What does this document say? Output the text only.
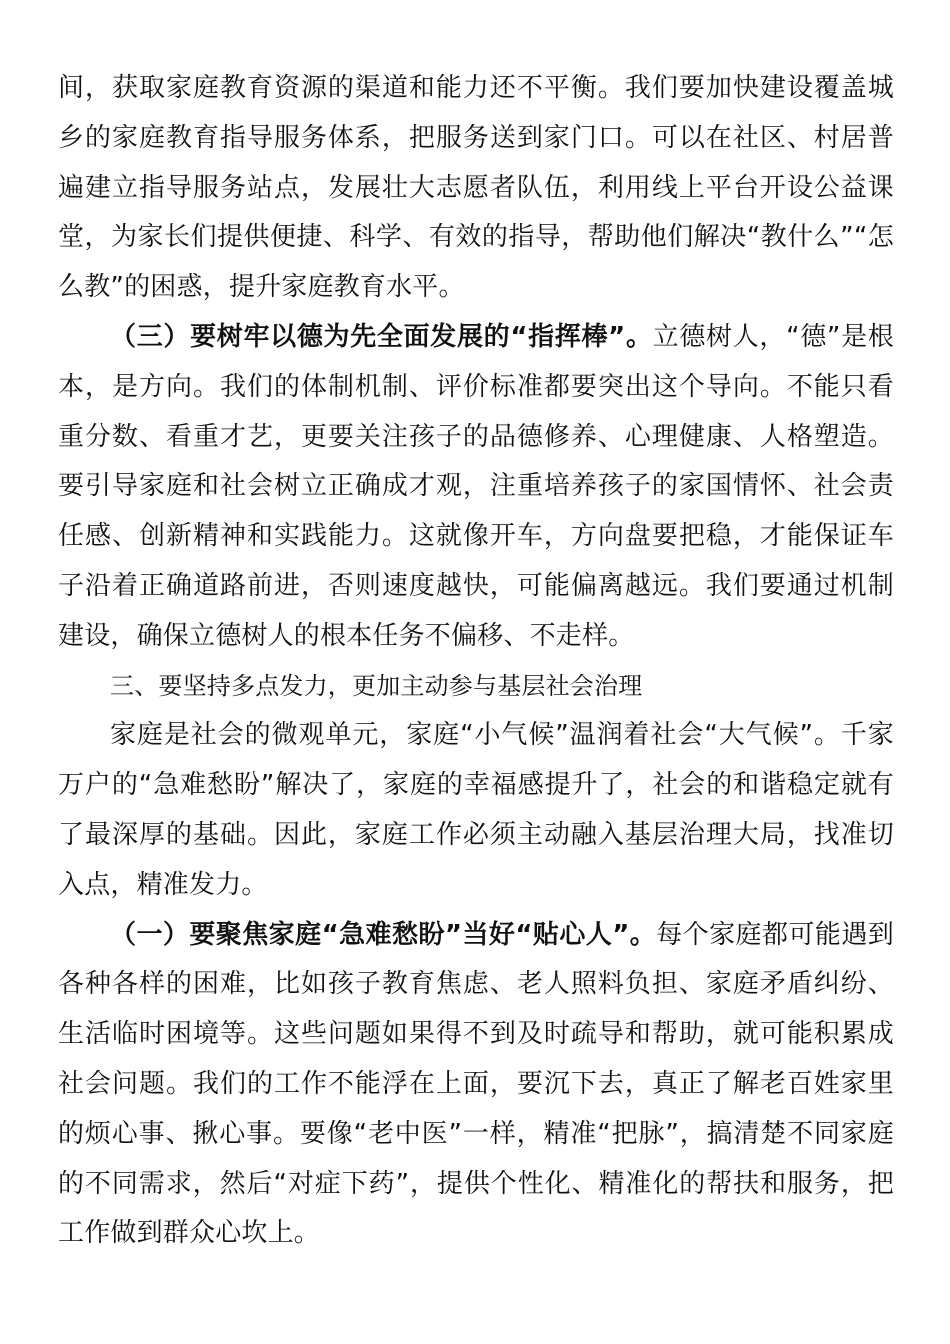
间，获取家庭教育资源的渠道和能力还不平衡。我们要加快建设覆盖城乡的家庭教育指导服务体系，把服务送到家门口。可以在社区、村居普遍建立指导服务站点，发展壮大志愿者队伍，利用线上平台开设公益课堂，为家长们提供便捷、科学、有效的指导，帮助他们解决“教什么”“怎么教”的困惑，提升家庭教育水平。

（三）要树牢以德为先全面发展的“指挥棒”。立德树人，“德”是根本，是方向。我们的体制机制、评价标准都要突出这个导向。不能只看重分数、看重才艺，更要关注孩子的品德修养、心理健康、人格塑造。要引导家庭和社会树立正确成才观，注重培养孩子的家国情怀、社会责任感、创新精神和实践能力。这就像开车，方向盘要把稳，才能保证车子沿着正确道路前进，否则速度越快，可能偏离越远。我们要通过机制建设，确保立德树人的根本任务不偏移、不走样。

三、要坚持多点发力，更加主动参与基层社会治理

家庭是社会的微观单元，家庭“小气候”温润着社会“大气候”。千家万户的“急难愁盼”解决了，家庭的幸福感提升了，社会的和谐稳定就有了最深厚的基础。因此，家庭工作必须主动融入基层治理大局，找准切入点，精准发力。

（一）要聚焦家庭“急难愁盼”当好“贴心人”。每个家庭都可能遇到各种各样的困难，比如孩子教育焦虑、老人照料负担、家庭矛盾纠纷、生活临时困境等。这些问题如果得不到及时疏导和帮助，就可能积累成社会问题。我们的工作不能浮在上面，要沉下去，真正了解老百姓家里的烦心事、揪心事。要像“老中医”一样，精准“把脉”，搞清楚不同家庭的不同需求，然后“对症下药”，提供个性化、精准化的帮扶和服务，把工作做到群众心坎上。
